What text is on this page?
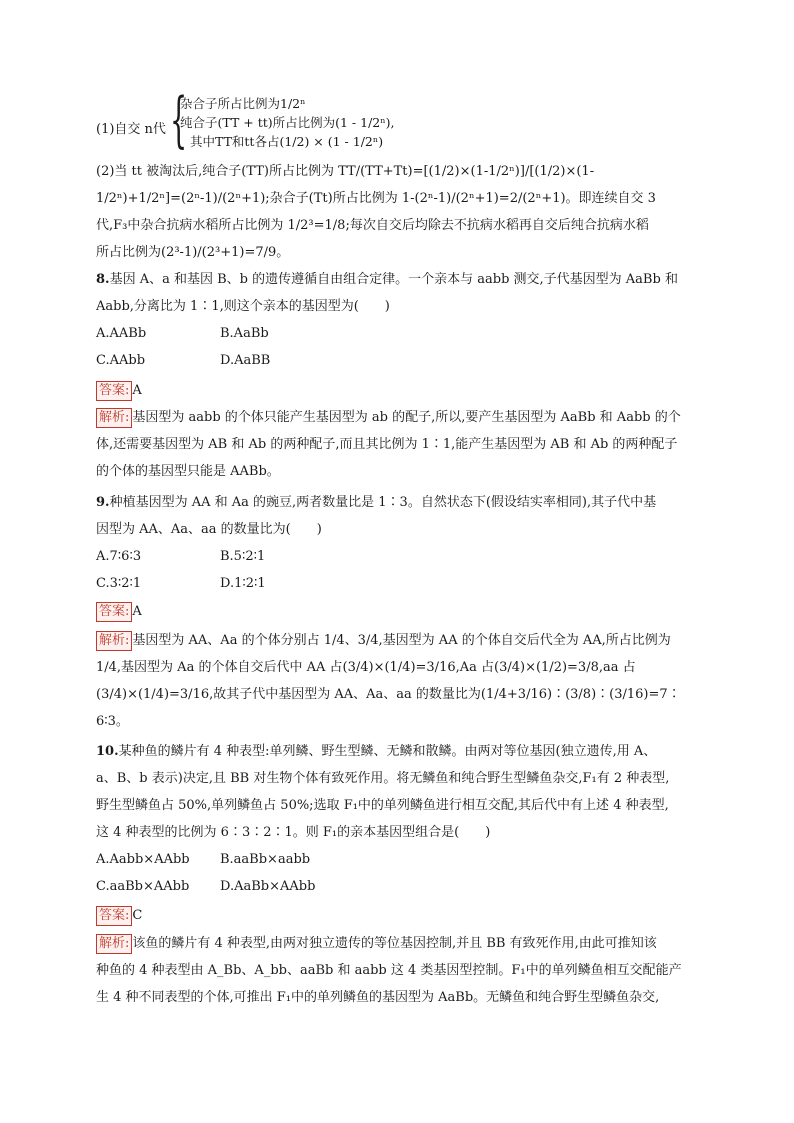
(1)自交 n代 {
杂合子所占比例为1/2ⁿ
纯合子(TT + tt)所占比例为(1 - 1/2ⁿ),
其中TT和tt各占(1/2) × (1 - 1/2ⁿ)
(2)当 tt 被淘汰后,纯合子(TT)所占比例为 TT/(TT+Tt)=[(1/2)×(1-1/2ⁿ)]/[(1/2)×(1-
1/2ⁿ)+1/2ⁿ]=(2ⁿ-1)/(2ⁿ+1);杂合子(Tt)所占比例为 1-(2ⁿ-1)/(2ⁿ+1)=2/(2ⁿ+1)。即连续自交 3
代,F₃中杂合抗病水稻所占比例为 1/2³=1/8;每次自交后均除去不抗病水稻再自交后纯合抗病水稻
所占比例为(2³-1)/(2³+1)=7/9。
8.基因 A、a 和基因 B、b 的遗传遵循自由组合定律。一个亲本与 aabb 测交,子代基因型为 AaBb 和
Aabb,分离比为 1∶1,则这个亲本的基因型为(　　)
A.AABb	B.AaBb
C.AAbb	D.AaBB
答案: A
解析: 基因型为 aabb 的个体只能产生基因型为 ab 的配子,所以,要产生基因型为 AaBb 和 Aabb 的个
体,还需要基因型为 AB 和 Ab 的两种配子,而且其比例为 1∶1,能产生基因型为 AB 和 Ab 的两种配子
的个体的基因型只能是 AABb。
9.种植基因型为 AA 和 Aa 的豌豆,两者数量比是 1∶3。自然状态下(假设结实率相同),其子代中基
因型为 AA、Aa、aa 的数量比为(　　)
A.7∶6∶3	B.5∶2∶1
C.3∶2∶1	D.1∶2∶1
答案: A
解析: 基因型为 AA、Aa 的个体分别占 1/4、3/4,基因型为 AA 的个体自交后代全为 AA,所占比例为
1/4,基因型为 Aa 的个体自交后代中 AA 占(3/4)×(1/4)=3/16,Aa 占(3/4)×(1/2)=3/8,aa 占
(3/4)×(1/4)=3/16,故其子代中基因型为 AA、Aa、aa 的数量比为(1/4+3/16)∶(3/8)∶(3/16)=7∶
6∶3。
10.某种鱼的鳞片有 4 种表型:单列鳞、野生型鳞、无鳞和散鳞。由两对等位基因(独立遗传,用 A、
a、B、b 表示)决定,且 BB 对生物个体有致死作用。将无鳞鱼和纯合野生型鳞鱼杂交,F₁有 2 种表型,
野生型鳞鱼占 50%,单列鳞鱼占 50%;选取 F₁中的单列鳞鱼进行相互交配,其后代中有上述 4 种表型,
这 4 种表型的比例为 6∶3∶2∶1。则 F₁的亲本基因型组合是(　　)
A.Aabb×AAbb B.aaBb×aabb
C.aaBb×AAbb D.AaBb×AAbb
答案: C
解析: 该鱼的鳞片有 4 种表型,由两对独立遗传的等位基因控制,并且 BB 有致死作用,由此可推知该
种鱼的 4 种表型由 A_Bb、A_bb、aaBb 和 aabb 这 4 类基因型控制。F₁中的单列鳞鱼相互交配能产
生 4 种不同表型的个体,可推出 F₁中的单列鳞鱼的基因型为 AaBb。无鳞鱼和纯合野生型鳞鱼杂交,
